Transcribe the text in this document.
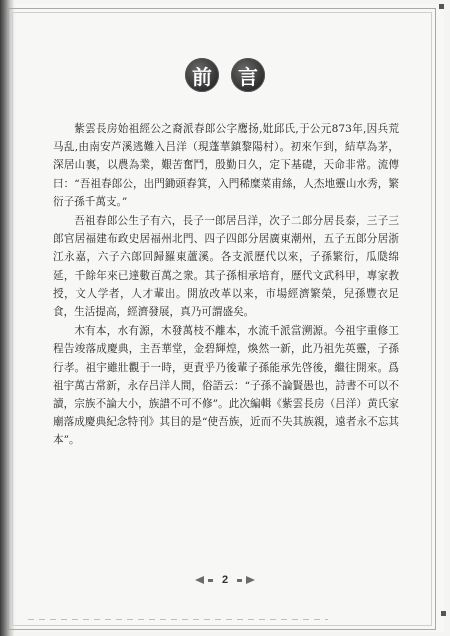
前	言

紫雲長房始祖經公之裔派春郎公字鹰扬,妣邱氏,于公元873年,因兵荒马乱,由南安芦溪逃難入吕洋（現蓬華鎮黎陽村）。初來乍到，結草為茅，深居山裏，以農為業，艱苦奮鬥，殷勤日久，定下基礎，天命非常。流傳曰：“吾祖春郎公，出門鋤頭舂箕，入門稀糜菜甫絲，人杰地靈山水秀，繁衍子孫千萬支。”

吾祖春郎公生子有六，長子一郎居吕洋，次子二郎分居長泰，三子三郎官居福建布政史居福州北門、四子四郎分居廣東潮州，五子五郎分居浙江永嘉，六子六郎回歸羅東蘆溪。各支派歷代以來，子孫繁衍，瓜瓞绵延，千餘年來已達數百萬之衆。其子孫相承培育，歷代文武科甲，專家教授，文人学者，人才輩出。開放改革以来，市場經濟繁榮，兒孫豐衣足食，生活提高，經濟發展，真乃可謂盛矣。

木有本，水有源，木發萬枝不離本，水流千派當溯源。今祖宇重修工程告竣落成慶典，主吾華堂，金碧輝煌，煥然一新，此乃祖先英靈，子孫行孝。祖宇雖壯觀于一時，更責乎乃後輩子孫能承先啓後，繼往開來。爲祖宇萬古常新，永存吕洋人間，俗語云：“子孫不論賢愚也，詩書不可以不讀，宗族不論大小，族譜不可不修”。此次編輯《紫雲長房（吕洋）黄氏家廟落成慶典紀念特刊》其目的是“使吾族，近而不失其族親，遠者永不忘其本”。

2
